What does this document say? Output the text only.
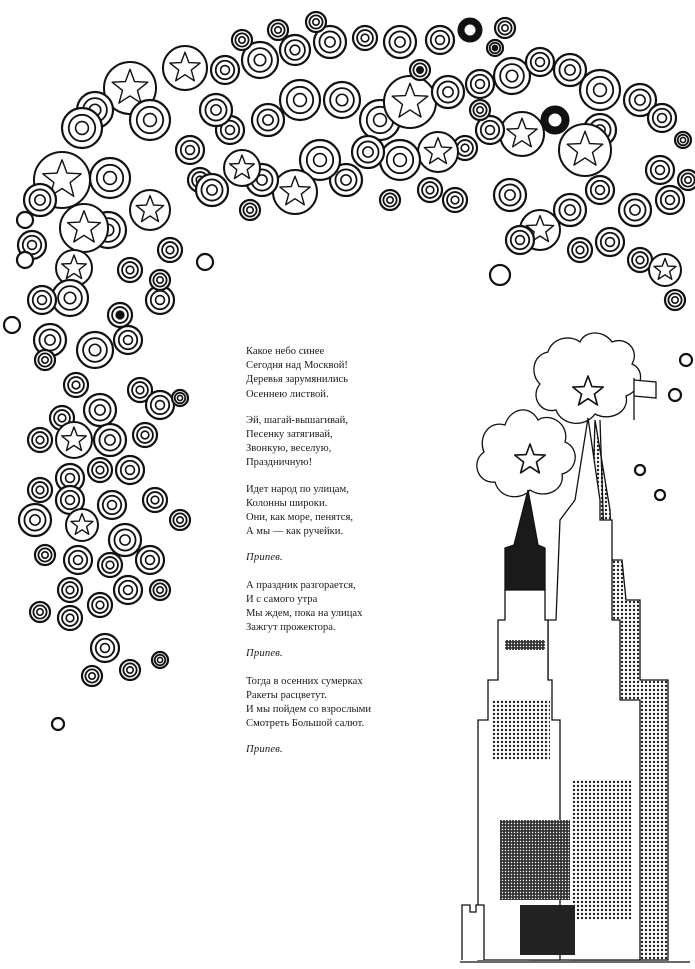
Какое небо синее
Сегодня над Москвой!
Деревья зарумянились
Осеннею листвой.
Эй, шагай-вышагивай,
Песенку затягивай,
Звонкую, веселую,
Праздничную!
Идет народ по улицам,
Колонны широки.
Они, как море, пенятся,
А мы — как ручейки.
Припев.
А праздник разгорается,
И с самого утра
Мы ждем, пока на улицах
Зажгут прожектора.
Припев.
Тогда в осенних сумерках
Ракеты расцветут.
И мы пойдем со взрослыми
Смотреть Большой салют.
Припев.
